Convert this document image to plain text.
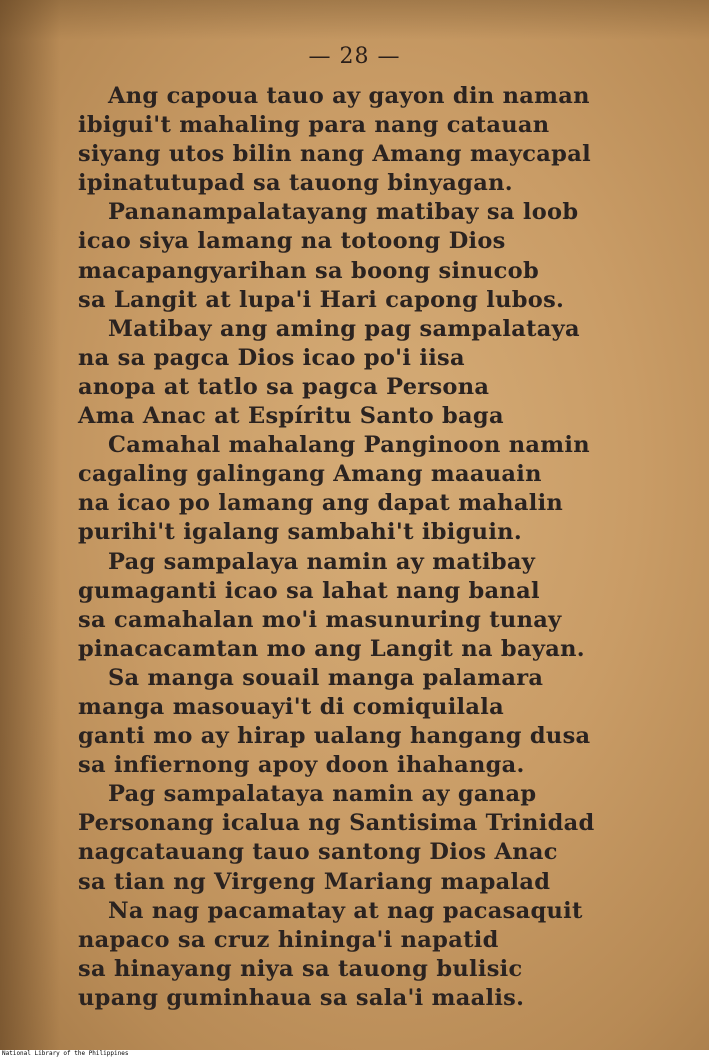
— 28 —
Ang capoua tauo ay gayon din naman
ibigui't mahaling para nang catauan
siyang utos bilin nang Amang maycapal
ipinatutupad sa tauong binyagan.
Pananampalatayang matibay sa loob
icao siya lamang na totoong Dios
macapangyarihan sa boong sinucob
sa Langit at lupa'i Hari capong lubos.
Matibay ang aming pag sampalataya
na sa pagca Dios icao po'i iisa
anopa at tatlo sa pagca Persona
Ama Anac at Espíritu Santo baga
Camahal mahalang Panginoon namin
cagaling galingang Amang maauain
na icao po lamang ang dapat mahalin
purihi't igalang sambahi't ibiguin.
Pag sampalaya namin ay matibay
gumaganti icao sa lahat nang banal
sa camahalan mo'i masunuring tunay
pinacacamtan mo ang Langit na bayan.
Sa manga souail manga palamara
manga masouayi't di comiquilala
ganti mo ay hirap ualang hangang dusa
sa infiernong apoy doon ihahanga.
Pag sampalataya namin ay ganap
Personang icalua ng Santisima Trinidad
nagcatauang tauo santong Dios Anac
sa tian ng Virgeng Mariang mapalad
Na nag pacamatay at nag pacasaquit
napaco sa cruz hininga'i napatid
sa hinayang niya sa tauong bulisic
upang guminhaua sa sala'i maalis.
National Library of the Philippines
